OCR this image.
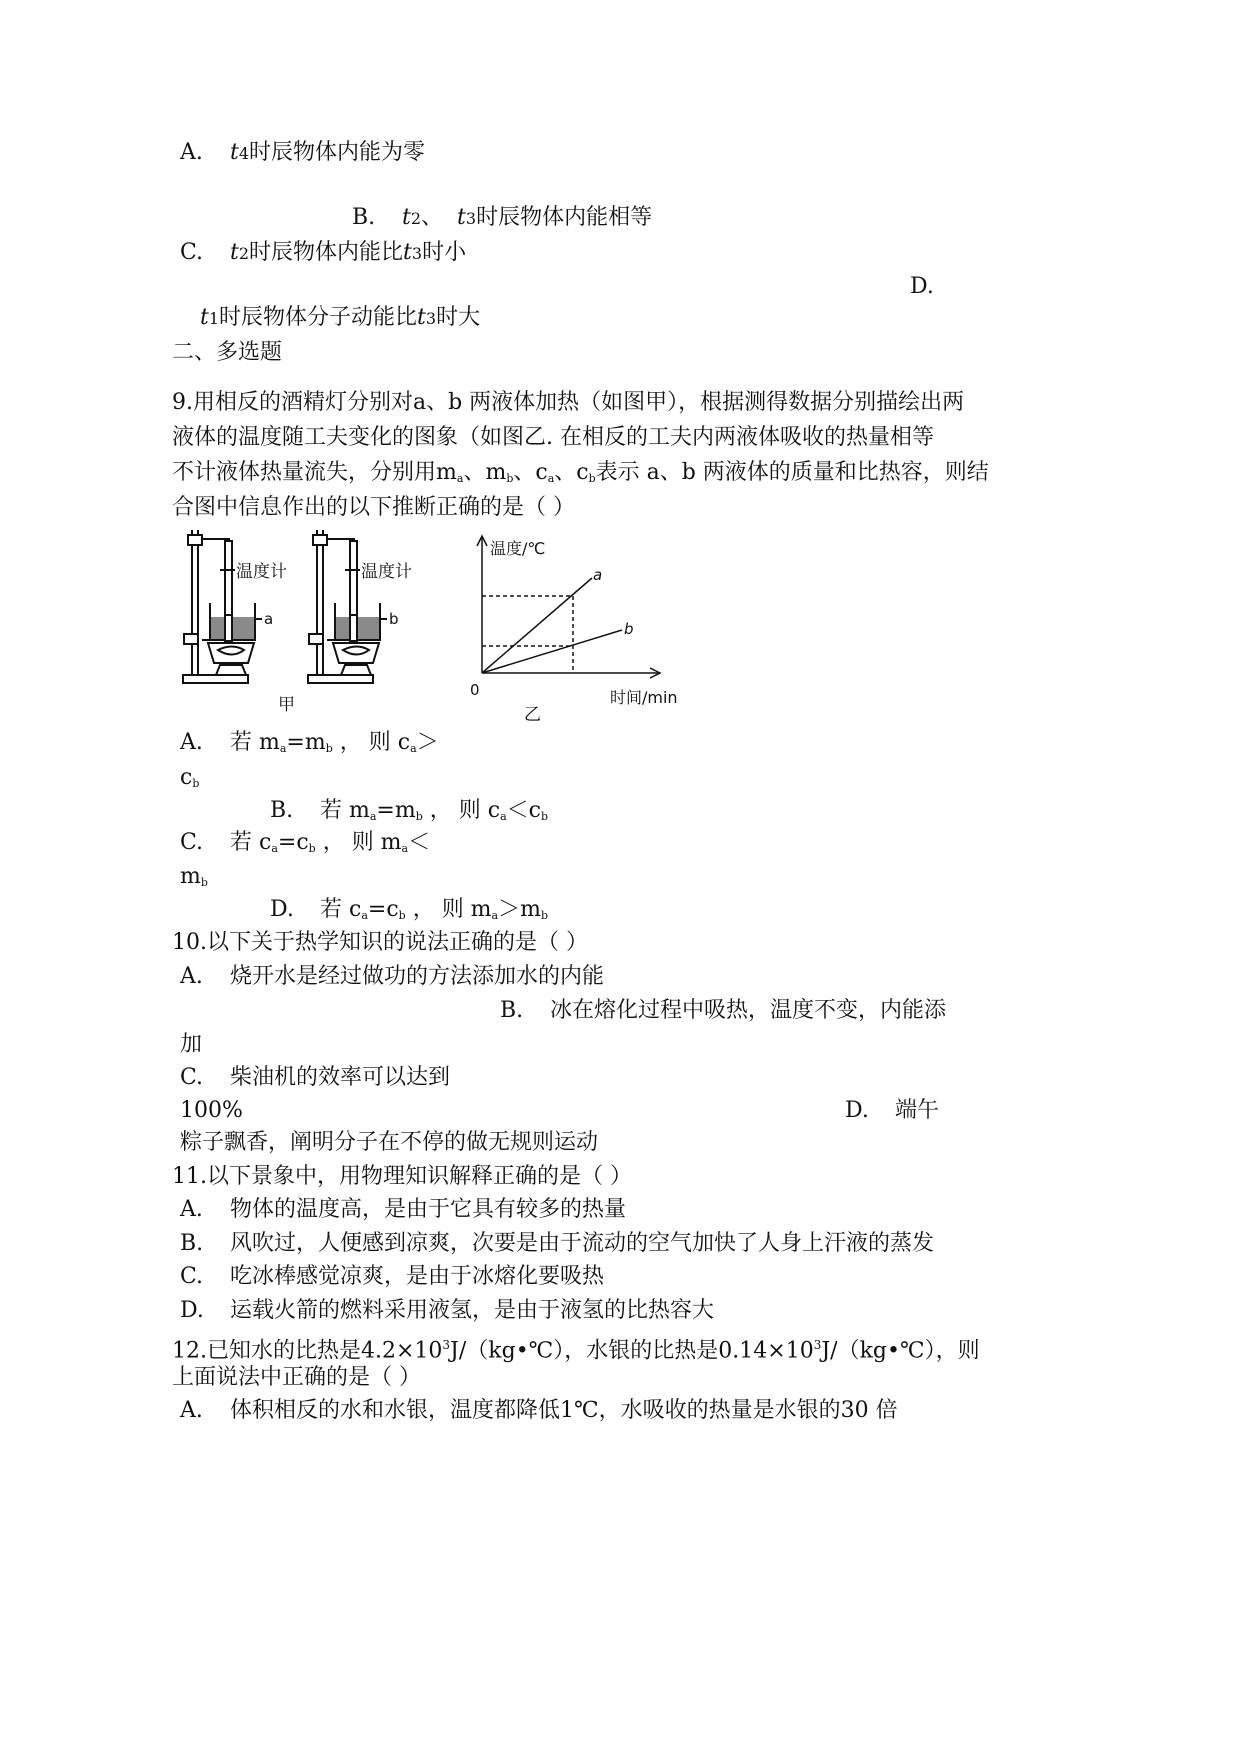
A. t4时辰物体内能为零
B. t2、 t3时辰物体内能相等
C. t2时辰物体内能比t3时小
D.
t1时辰物体分子动能比t3时大
二、多选题
9.用相反的酒精灯分别对a、b 两液体加热（如图甲），根据测得数据分别描绘出两
液体的温度随工夫变化的图象（如图乙. 在相反的工夫内两液体吸收的热量相等
不计液体热量流失，分别用ma、mb、ca、cb表示 a、b 两液体的质量和比热容，则结
合图中信息作出的以下推断正确的是（ ）
温度计
a
温度计
b
甲
温度/℃
时间/min
0
a
b
乙
A. 若 ma=mb ， 则 ca＞
cb
B. 若 ma=mb ， 则 ca＜cb
C. 若 ca=cb ， 则 ma＜
mb
D. 若 ca=cb ， 则 ma＞mb
10.以下关于热学知识的说法正确的是（ ）
A. 烧开水是经过做功的方法添加水的内能
B. 冰在熔化过程中吸热，温度不变，内能添
加
C. 柴油机的效率可以达到
100%	D. 端午
粽子飘香，阐明分子在不停的做无规则运动
11.以下景象中，用物理知识解释正确的是（ ）
A. 物体的温度高，是由于它具有较多的热量
B. 风吹过，人便感到凉爽，次要是由于流动的空气加快了人身上汗液的蒸发
C. 吃冰棒感觉凉爽，是由于冰熔化要吸热
D. 运载火箭的燃料采用液氢，是由于液氢的比热容大
12.已知水的比热是$4.2\times 10^3J/(kg•℃)$，水银的比热是$0.14\times 10^3J/(kg•℃)$，则
上面说法中正确的是（ ）
A. 体积相反的水和水银，温度都降低1℃，水吸收的热量是水银的30 倍
